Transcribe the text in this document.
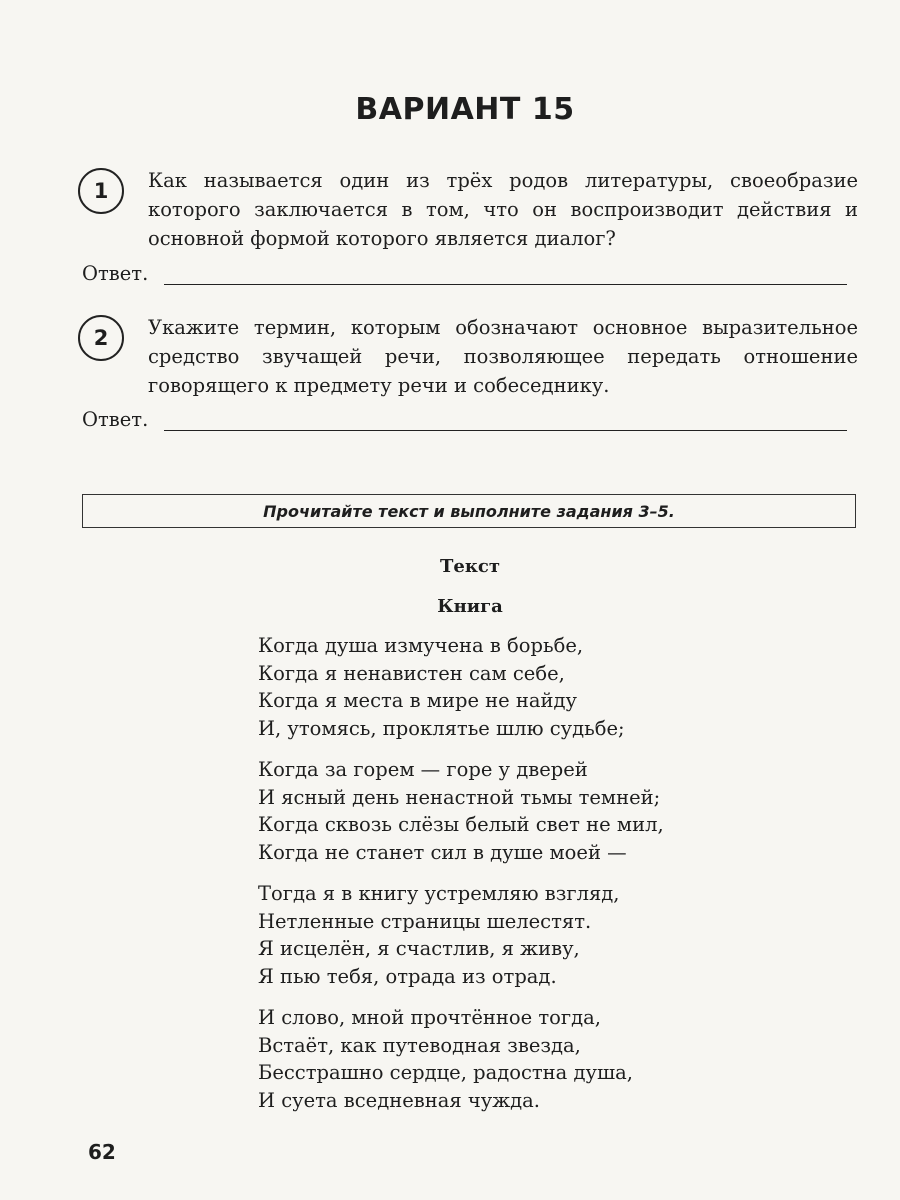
ВАРИАНТ 15
1	Как называется один из трёх родов литературы, своеобразие которого заключается в том, что он воспроизводит действия и основной формой которого является диалог?
Ответ.
2	Укажите термин, которым обозначают основное выразительное средство звучащей речи, позволяющее передать отношение говорящего к предмету речи и собеседнику.
Ответ.
Прочитайте текст и выполните задания 3–5.
Текст
Книга
Когда душа измучена в борьбе,
Когда я ненавистен сам себе,
Когда я места в мире не найду
И, утомясь, проклятье шлю судьбе;
Когда за горем — горе у дверей
И ясный день ненастной тьмы темней;
Когда сквозь слёзы белый свет не мил,
Когда не станет сил в душе моей —
Тогда я в книгу устремляю взгляд,
Нетленные страницы шелестят.
Я исцелён, я счастлив, я живу,
Я пью тебя, отрада из отрад.
И слово, мной прочтённое тогда,
Встаёт, как путеводная звезда,
Бесстрашно сердце, радостна душа,
И суета вседневная чужда.
62
